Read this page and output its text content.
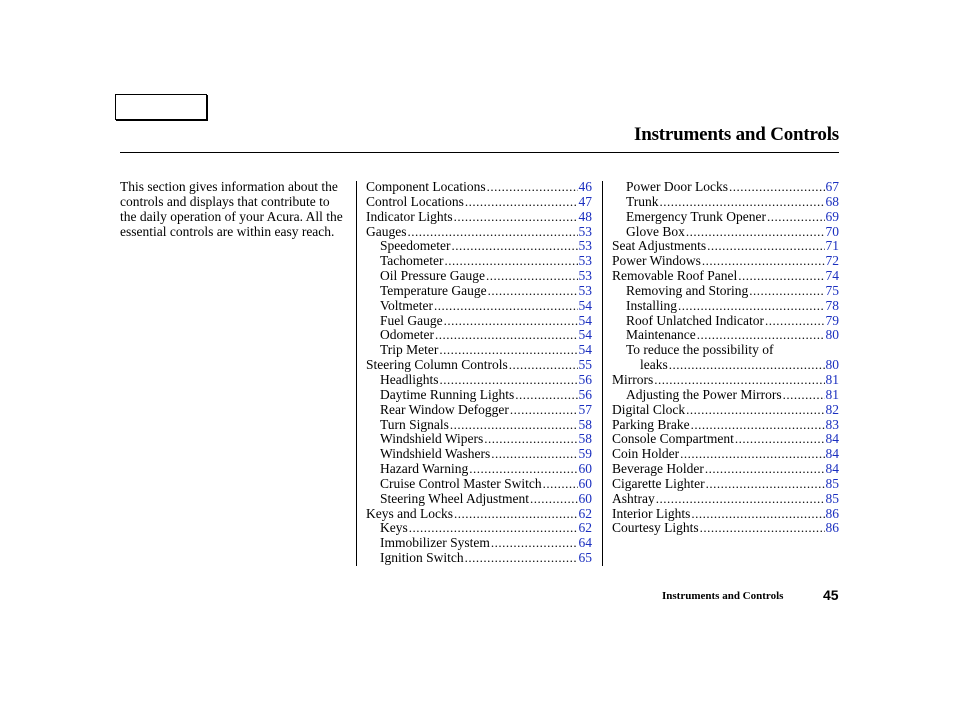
Instruments and Controls
This section gives information about the controls and displays that contribute to the daily operation of your Acura. All the essential controls are within easy reach.
Component Locations .....	46
Control Locations .....	47
Indicator Lights .....	48
Gauges .....	53
Speedometer .....	53
Tachometer .....	53
Oil Pressure Gauge .....	53
Temperature Gauge .....	53
Voltmeter .....	54
Fuel Gauge .....	54
Odometer .....	54
Trip Meter .....	54
Steering Column Controls .....	55
Headlights .....	56
Daytime Running Lights .....	56
Rear Window Defogger .....	57
Turn Signals .....	58
Windshield Wipers .....	58
Windshield Washers .....	59
Hazard Warning .....	60
Cruise Control Master Switch .....	60
Steering Wheel Adjustment .....	60
Keys and Locks .....	62
Keys .....	62
Immobilizer System .....	64
Ignition Switch .....	65
Power Door Locks .....	67
Trunk .....	68
Emergency Trunk Opener .....	69
Glove Box .....	70
Seat Adjustments .....	71
Power Windows .....	72
Removable Roof Panel .....	74
Removing and Storing .....	75
Installing .....	78
Roof Unlatched Indicator .....	79
Maintenance .....	80
To reduce the possibility of
leaks .....	80
Mirrors .....	81
Adjusting the Power Mirrors .....	81
Digital Clock .....	82
Parking Brake .....	83
Console Compartment .....	84
Coin Holder .....	84
Beverage Holder .....	84
Cigarette Lighter .....	85
Ashtray .....	85
Interior Lights .....	86
Courtesy Lights .....	86
Instruments and Controls	45
